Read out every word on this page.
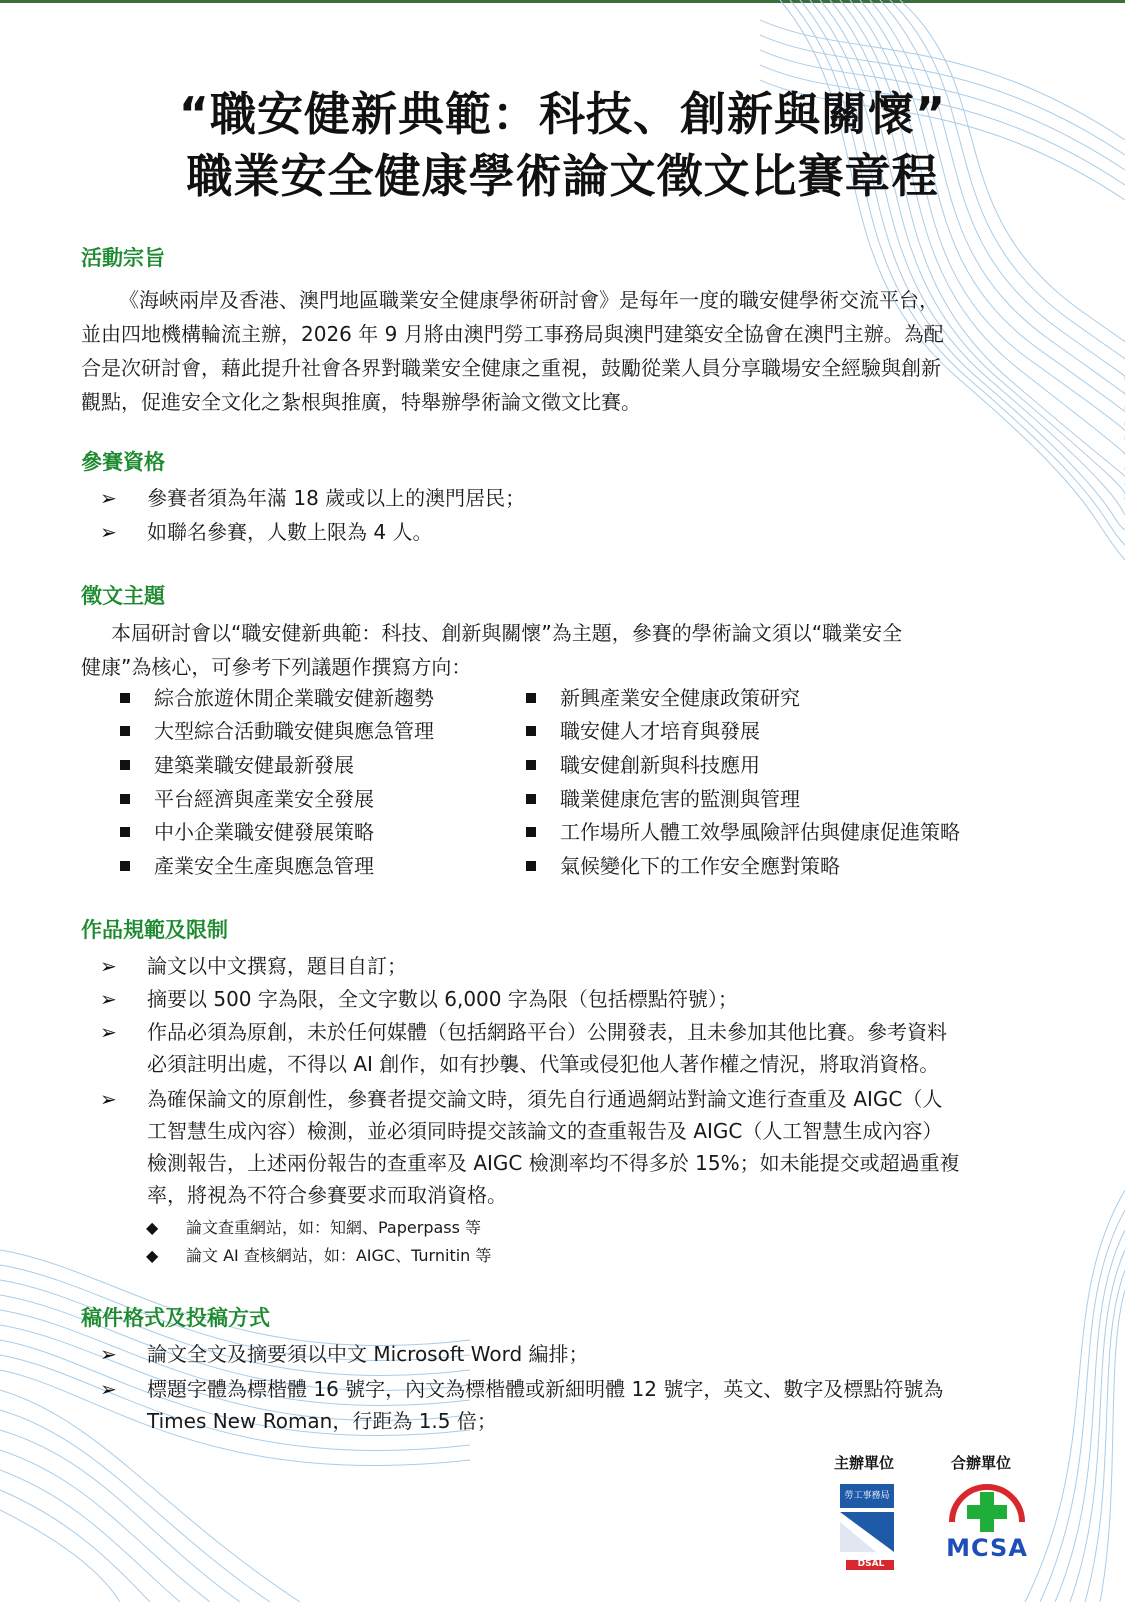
“職安健新典範：科技、創新與關懷”
職業安全健康學術論文徵文比賽章程
活動宗旨

《海峽兩岸及香港、澳門地區職業安全健康學術研討會》是每年一度的職安健學術交流平台，
並由四地機構輪流主辦，2026 年 9 月將由澳門勞工事務局與澳門建築安全協會在澳門主辦。為配
合是次研討會，藉此提升社會各界對職業安全健康之重視，鼓勵從業人員分享職場安全經驗與創新
觀點，促進安全文化之紮根與推廣，特舉辦學術論文徵文比賽。

參賽資格
➢	參賽者須為年滿 18 歲或以上的澳門居民；
➢	如聯名參賽，人數上限為 4 人。
徵文主題

本屆研討會以“職安健新典範：科技、創新與關懷”為主題，參賽的學術論文須以“職業安全
健康”為核心，可參考下列議題作撰寫方向：

綜合旅遊休閒企業職安健新趨勢
大型綜合活動職安健與應急管理
建築業職安健最新發展
平台經濟與產業安全發展
中小企業職安健發展策略
產業安全生產與應急管理
新興產業安全健康政策研究
職安健人才培育與發展
職安健創新與科技應用
職業健康危害的監測與管理
工作場所人體工效學風險評估與健康促進策略
氣候變化下的工作安全應對策略
作品規範及限制
➢	論文以中文撰寫，題目自訂；
➢	摘要以 500 字為限，全文字數以 6,000 字為限（包括標點符號）；
➢	作品必須為原創，未於任何媒體（包括網路平台）公開發表，且未參加其他比賽。參考資料
必須註明出處，不得以 AI 創作，如有抄襲、代筆或侵犯他人著作權之情況，將取消資格。
➢	為確保論文的原創性，參賽者提交論文時，須先自行通過網站對論文進行查重及 AIGC（人
工智慧生成內容）檢測，並必須同時提交該論文的查重報告及 AIGC（人工智慧生成內容）
檢測報告，上述兩份報告的查重率及 AIGC 檢測率均不得多於 15%；如未能提交或超過重複
率，將視為不符合參賽要求而取消資格。
◆ 論文查重網站，如：知網、Paperpass 等
◆ 論文 AI 查核網站，如：AIGC、Turnitin 等
稿件格式及投稿方式
➢	論文全文及摘要須以中文 Microsoft Word 編排；
➢	標題字體為標楷體 16 號字，內文為標楷體或新細明體 12 號字，英文、數字及標點符號為
Times New Roman，行距為 1.5 倍；
主辦單位	合辦單位
勞工事務局
DSAL
MCSA
